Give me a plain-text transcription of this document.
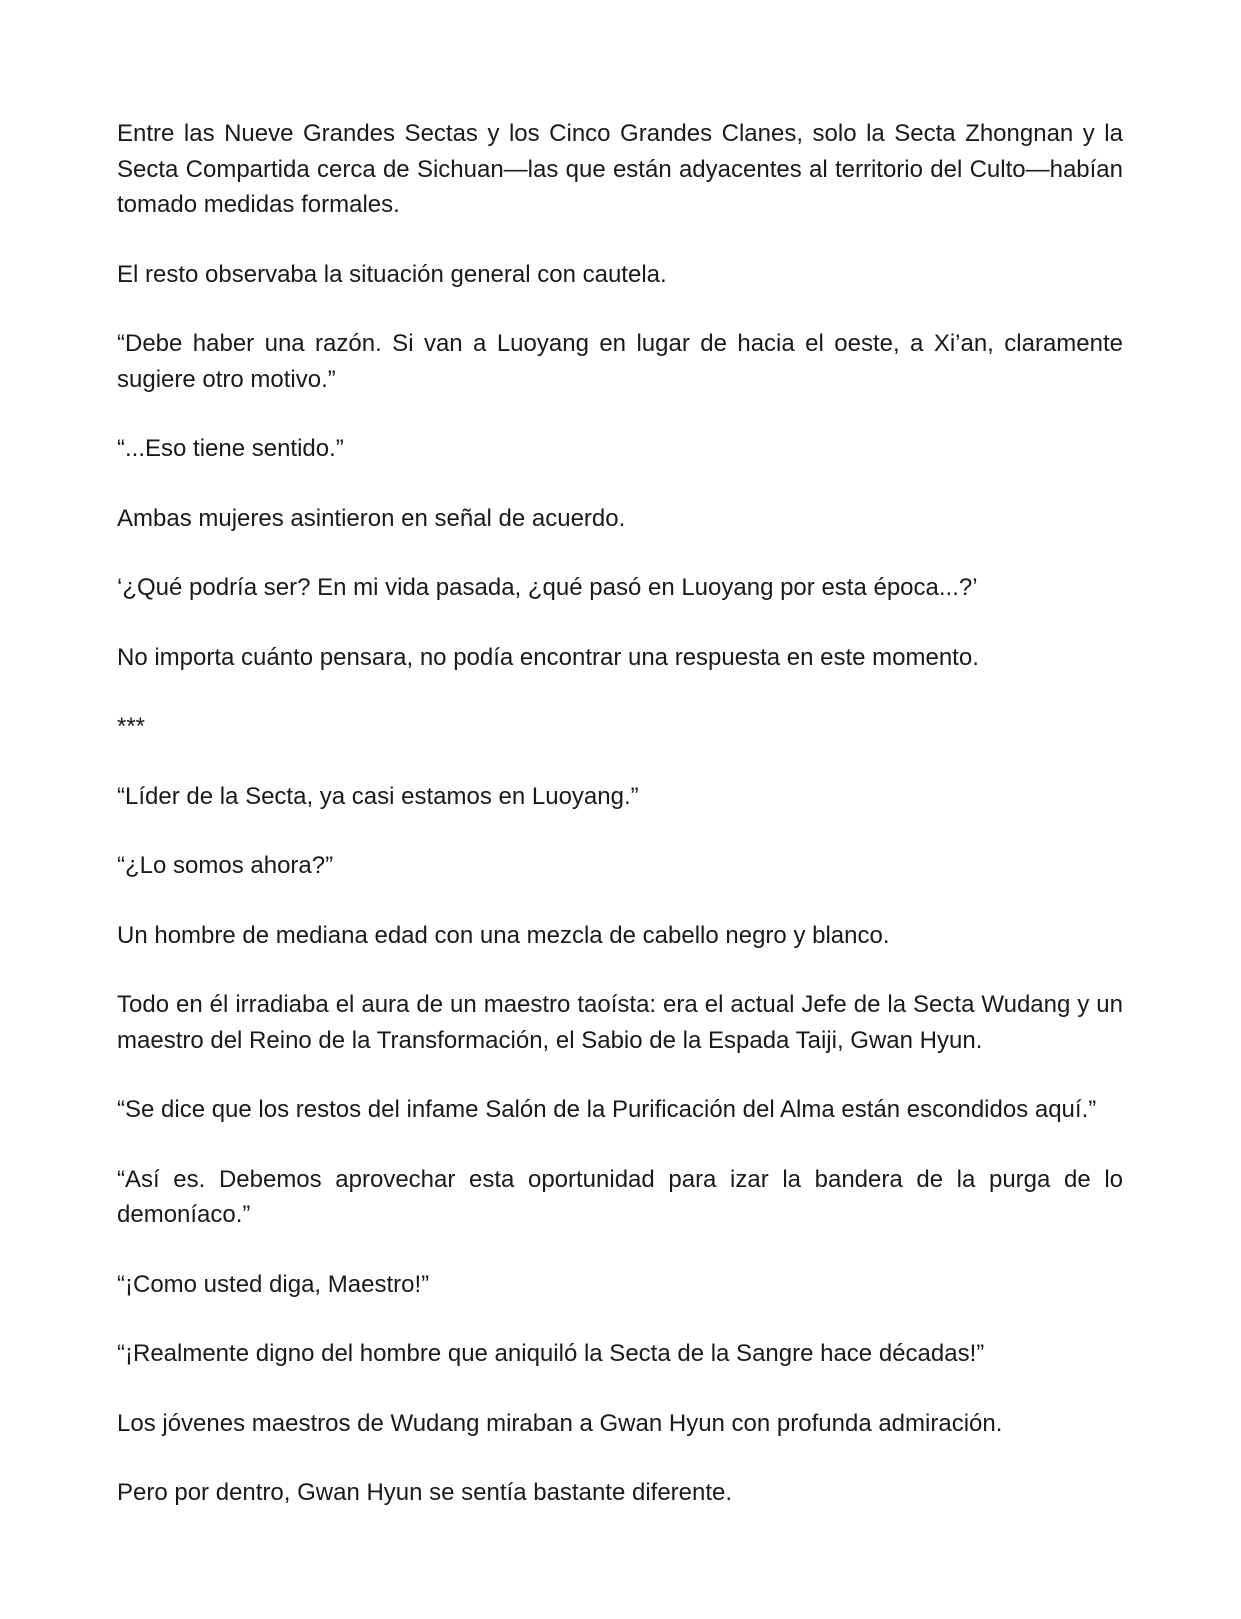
Entre las Nueve Grandes Sectas y los Cinco Grandes Clanes, solo la Secta Zhongnan y la Secta Compartida cerca de Sichuan—las que están adyacentes al territorio del Culto—habían tomado medidas formales.

El resto observaba la situación general con cautela.

“Debe haber una razón. Si van a Luoyang en lugar de hacia el oeste, a Xi’an, claramente sugiere otro motivo.”

“...Eso tiene sentido.”

Ambas mujeres asintieron en señal de acuerdo.

‘¿Qué podría ser? En mi vida pasada, ¿qué pasó en Luoyang por esta época...?’

No importa cuánto pensara, no podía encontrar una respuesta en este momento.

***

“Líder de la Secta, ya casi estamos en Luoyang.”

“¿Lo somos ahora?”

Un hombre de mediana edad con una mezcla de cabello negro y blanco.

Todo en él irradiaba el aura de un maestro taoísta: era el actual Jefe de la Secta Wudang y un maestro del Reino de la Transformación, el Sabio de la Espada Taiji, Gwan Hyun.

“Se dice que los restos del infame Salón de la Purificación del Alma están escondidos aquí.”

“Así es. Debemos aprovechar esta oportunidad para izar la bandera de la purga de lo demoníaco.”

“¡Como usted diga, Maestro!”

“¡Realmente digno del hombre que aniquiló la Secta de la Sangre hace décadas!”

Los jóvenes maestros de Wudang miraban a Gwan Hyun con profunda admiración.

Pero por dentro, Gwan Hyun se sentía bastante diferente.
